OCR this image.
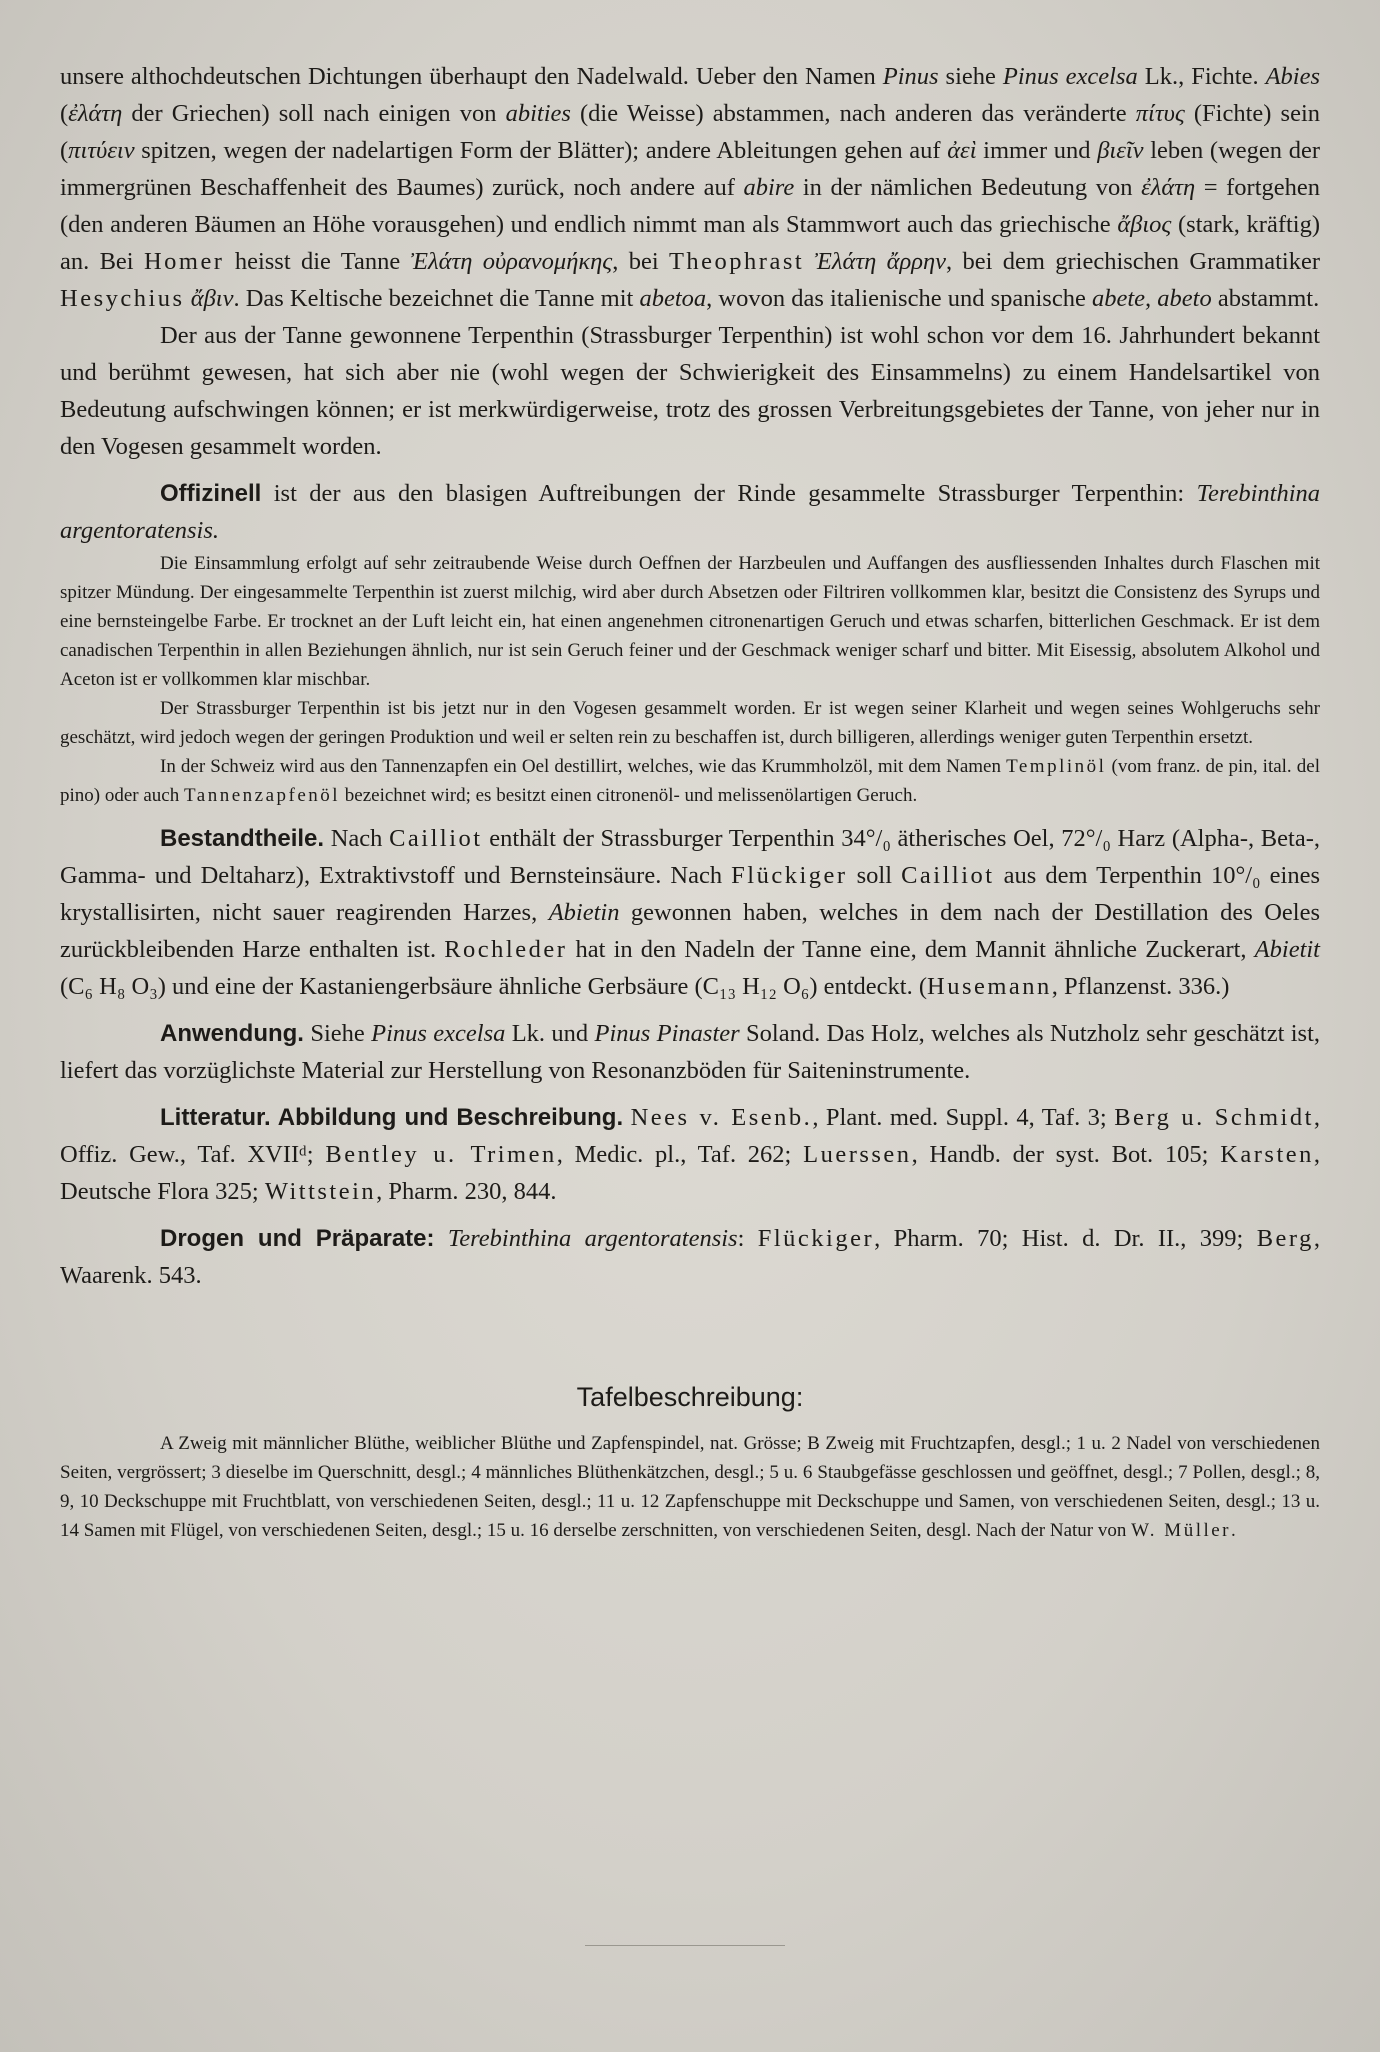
unsere althochdeutschen Dichtungen überhaupt den Nadelwald. Ueber den Namen Pinus siehe Pinus excelsa Lk., Fichte. Abies (ἐλάτη der Griechen) soll nach einigen von abities (die Weisse) abstammen, nach anderen das veränderte πίτυς (Fichte) sein (πιτύειν spitzen, wegen der nadelartigen Form der Blätter); andere Ableitungen gehen auf ἀεὶ immer und βιεῖν leben (wegen der immergrünen Beschaffenheit des Baumes) zurück, noch andere auf abire in der nämlichen Bedeutung von ἐλάτη = fortgehen (den anderen Bäumen an Höhe vorausgehen) und endlich nimmt man als Stammwort auch das griechische ἄβιος (stark, kräftig) an. Bei Homer heisst die Tanne Ἐλάτη οὐρανομήκης, bei Theophrast Ἐλάτη ἄρρην, bei dem griechischen Grammatiker Hesychius ἄβιν. Das Keltische bezeichnet die Tanne mit abetoa, wovon das italienische und spanische abete, abeto abstammt.

Der aus der Tanne gewonnene Terpenthin (Strassburger Terpenthin) ist wohl schon vor dem 16. Jahrhundert bekannt und berühmt gewesen, hat sich aber nie (wohl wegen der Schwierigkeit des Einsammelns) zu einem Handelsartikel von Bedeutung aufschwingen können; er ist merkwürdigerweise, trotz des grossen Verbreitungsgebietes der Tanne, von jeher nur in den Vogesen gesammelt worden.

Offizinell ist der aus den blasigen Auftreibungen der Rinde gesammelte Strassburger Terpenthin: Terebinthina argentoratensis.

Die Einsammlung erfolgt auf sehr zeitraubende Weise durch Oeffnen der Harzbeulen und Auffangen des ausfliessenden Inhaltes durch Flaschen mit spitzer Mündung. Der eingesammelte Terpenthin ist zuerst milchig, wird aber durch Absetzen oder Filtriren vollkommen klar, besitzt die Consistenz des Syrups und eine bernsteingelbe Farbe. Er trocknet an der Luft leicht ein, hat einen angenehmen citronenartigen Geruch und etwas scharfen, bitterlichen Geschmack. Er ist dem canadischen Terpenthin in allen Beziehungen ähnlich, nur ist sein Geruch feiner und der Geschmack weniger scharf und bitter. Mit Eisessig, absolutem Alkohol und Aceton ist er vollkommen klar mischbar.

Der Strassburger Terpenthin ist bis jetzt nur in den Vogesen gesammelt worden. Er ist wegen seiner Klarheit und wegen seines Wohlgeruchs sehr geschätzt, wird jedoch wegen der geringen Produktion und weil er selten rein zu beschaffen ist, durch billigeren, allerdings weniger guten Terpenthin ersetzt.

In der Schweiz wird aus den Tannenzapfen ein Oel destillirt, welches, wie das Krummholzöl, mit dem Namen Templinöl (vom franz. de pin, ital. del pino) oder auch Tannenzapfenöl bezeichnet wird; es besitzt einen citronenöl- und melissenölartigen Geruch.

Bestandtheile. Nach Cailliot enthält der Strassburger Terpenthin 34°/₀ ätherisches Oel, 72°/₀ Harz (Alpha-, Beta-, Gamma- und Deltaharz), Extraktivstoff und Bernsteinsäure. Nach Flückiger soll Cailliot aus dem Terpenthin 10°/₀ eines krystallisirten, nicht sauer reagirenden Harzes, Abietin gewonnen haben, welches in dem nach der Destillation des Oeles zurückbleibenden Harze enthalten ist. Rochleder hat in den Nadeln der Tanne eine, dem Mannit ähnliche Zuckerart, Abietit (C₆ H₈ O₃) und eine der Kastaniengerbsäure ähnliche Gerbsäure (C₁₃ H₁₂ O₆) entdeckt. (Husemann, Pflanzenst. 336.)

Anwendung. Siehe Pinus excelsa Lk. und Pinus Pinaster Soland. Das Holz, welches als Nutzholz sehr geschätzt ist, liefert das vorzüglichste Material zur Herstellung von Resonanzböden für Saiteninstrumente.

Litteratur. Abbildung und Beschreibung. Nees v. Esenb., Plant. med. Suppl. 4, Taf. 3; Berg u. Schmidt, Offiz. Gew., Taf. XVIIᵈ; Bentley u. Trimen, Medic. pl., Taf. 262; Luerssen, Handb. der syst. Bot. 105; Karsten, Deutsche Flora 325; Wittstein, Pharm. 230, 844.

Drogen und Präparate: Terebinthina argentoratensis: Flückiger, Pharm. 70; Hist. d. Dr. II., 399; Berg, Waarenk. 543.

Tafelbeschreibung:

A Zweig mit männlicher Blüthe, weiblicher Blüthe und Zapfenspindel, nat. Grösse; B Zweig mit Fruchtzapfen, desgl.; 1 u. 2 Nadel von verschiedenen Seiten, vergrössert; 3 dieselbe im Querschnitt, desgl.; 4 männliches Blüthenkätzchen, desgl.; 5 u. 6 Staubgefässe geschlossen und geöffnet, desgl.; 7 Pollen, desgl.; 8, 9, 10 Deckschuppe mit Fruchtblatt, von verschiedenen Seiten, desgl.; 11 u. 12 Zapfenschuppe mit Deckschuppe und Samen, von verschiedenen Seiten, desgl.; 13 u. 14 Samen mit Flügel, von verschiedenen Seiten, desgl.; 15 u. 16 derselbe zerschnitten, von verschiedenen Seiten, desgl. Nach der Natur von W. Müller.
